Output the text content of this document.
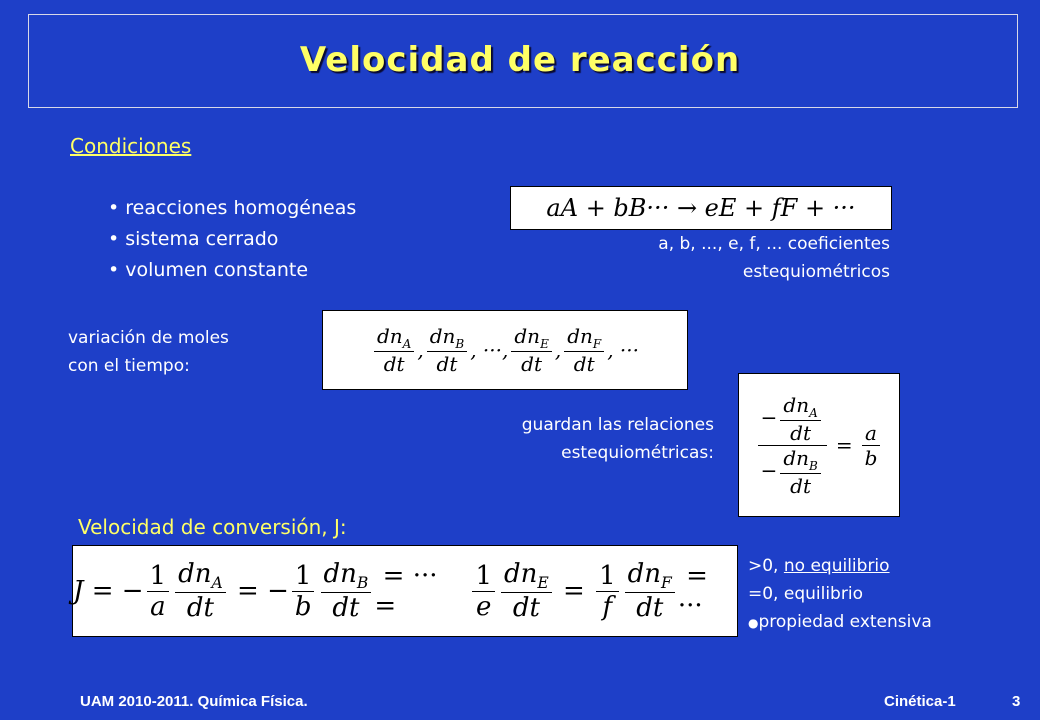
Velocidad de reacción
Condiciones
• reacciones homogéneas
• sistema cerrado
• volumen constante
aA + bB··· → eE + fF + ···
a, b, ..., e, f, ... coeficientes
estequiométricos
variación de moles
con el tiempo:	$\frac{dn_A}{dt}$ , $\frac{dn_B}{dt}$ , ···, $\frac{dn_E}{dt}$ , $\frac{dn_F}{dt}$ , ···
guardan las relaciones
estequiométricas: $\frac{- \frac{dn_A}{dt}}{- \frac{dn_B}{dt}} = \frac{a}{b}$
Velocidad de conversión, J:
J = − $\frac{1}{a} \frac{dn_A}{dt}$ = − $\frac{1}{b} \frac{dn_B}{dt}$ = ··· =	$\frac{1}{e} \frac{dn_E}{dt} = \frac{1}{f} \frac{dn_F}{dt}$ = ···
>0, no equilibrio
=0, equilibrio
●propiedad extensiva
UAM 2010-2011. Química Física.	Cinética-1	3
